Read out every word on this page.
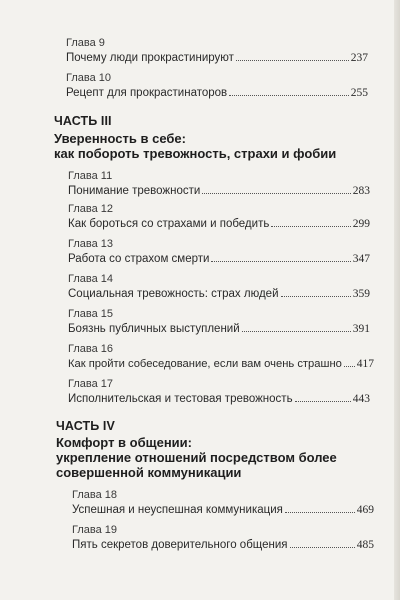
Глава 9
Почему люди прокрастинируют	237
Глава 10
Рецепт для прокрастинаторов	255
ЧАСТЬ III
Уверенность в себе:
как побороть тревожность, страхи и фобии
Глава 11
Понимание тревожности	283
Глава 12
Как бороться со страхами и победить	299
Глава 13
Работа со страхом смерти	347
Глава 14
Социальная тревожность: страх людей	359
Глава 15
Боязнь публичных выступлений	391
Глава 16
Как пройти собеседование, если вам очень страшно 417
Глава 17
Исполнительская и тестовая тревожность	443
ЧАСТЬ IV
Комфорт в общении:
укрепление отношений посредством более
совершенной коммуникации
Глава 18
Успешная и неуспешная коммуникация	469
Глава 19
Пять секретов доверительного общения	485
